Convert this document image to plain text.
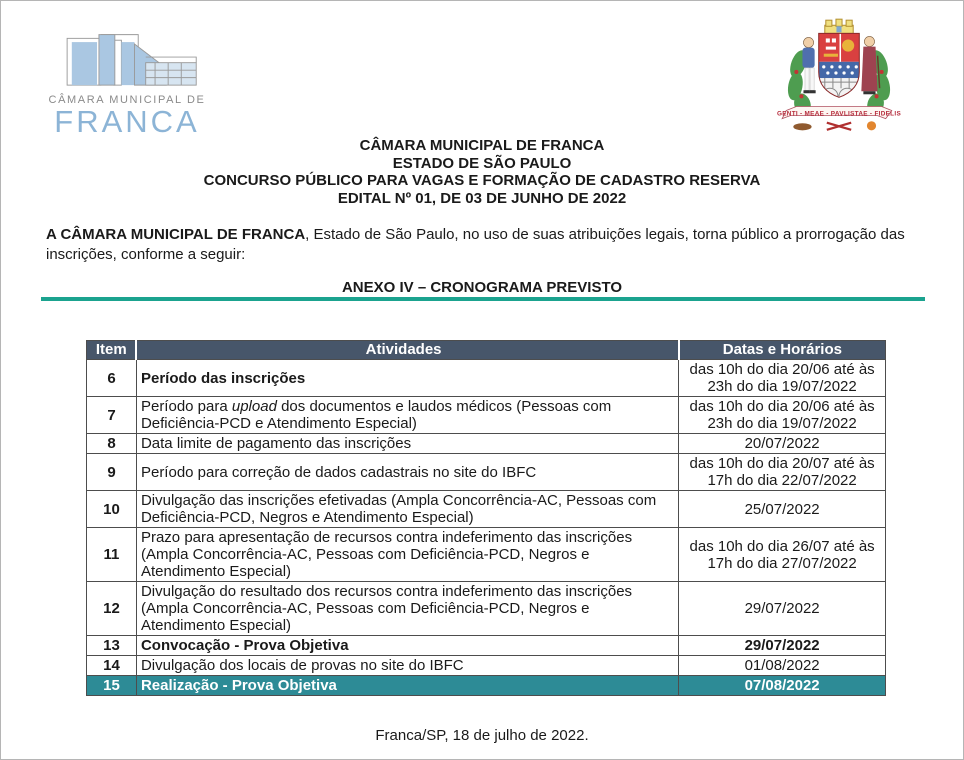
CÂMARA MUNICIPAL DE
FRANCA	GENTI - MEAE - PAVLISTAE - FIDELIS
CÂMARA MUNICIPAL DE FRANCA
ESTADO DE SÃO PAULO
CONCURSO PÚBLICO PARA VAGAS E FORMAÇÃO DE CADASTRO RESERVA
EDITAL Nº 01, DE 03 DE JUNHO DE 2022

A CÂMARA MUNICIPAL DE FRANCA, Estado de São Paulo, no uso de suas atribuições legais, torna público a prorrogação das inscrições, conforme a seguir:

ANEXO IV – CRONOGRAMA PREVISTO
Item	Atividades	Datas e Horários
6	Período das inscrições	das 10h do dia 20/06 até às 23h do dia 19/07/2022
7	Período para upload dos documentos e laudos médicos (Pessoas com Deficiência-PCD e Atendimento Especial)	das 10h do dia 20/06 até às 23h do dia 19/07/2022
8	Data limite de pagamento das inscrições	20/07/2022
9	Período para correção de dados cadastrais no site do IBFC	das 10h do dia 20/07 até às 17h do dia 22/07/2022
10	Divulgação das inscrições efetivadas (Ampla Concorrência-AC, Pessoas com Deficiência-PCD, Negros e Atendimento Especial)	25/07/2022
11	Prazo para apresentação de recursos contra indeferimento das inscrições (Ampla Concorrência-AC, Pessoas com Deficiência-PCD, Negros e Atendimento Especial)	das 10h do dia 26/07 até às 17h do dia 27/07/2022
12	Divulgação do resultado dos recursos contra indeferimento das inscrições (Ampla Concorrência-AC, Pessoas com Deficiência-PCD, Negros e Atendimento Especial)	29/07/2022
13	Convocação - Prova Objetiva	29/07/2022
14	Divulgação dos locais de provas no site do IBFC	01/08/2022
15	Realização - Prova Objetiva	07/08/2022
Franca/SP, 18 de julho de 2022.
